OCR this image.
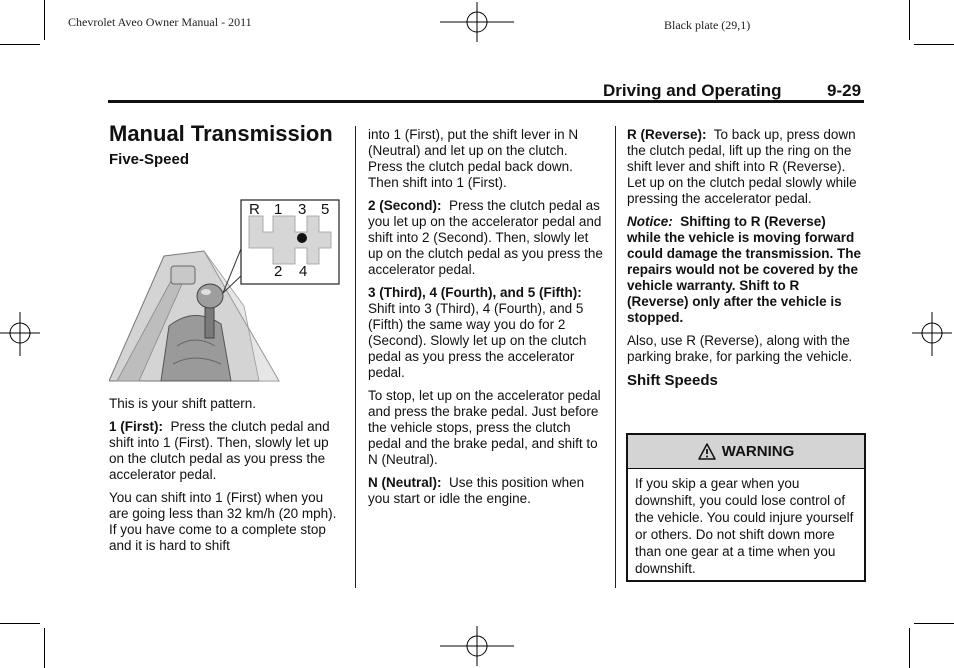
Chevrolet Aveo Owner Manual - 2011	Black plate (29,1)
Driving and Operating	9-29
Manual Transmission
Five-Speed
R 1 3 5
2 4

This is your shift pattern.

1 (First): Press the clutch pedal and shift into 1 (First). Then, slowly let up on the clutch pedal as you press the accelerator pedal.

You can shift into 1 (First) when you are going less than 32 km/h (20 mph). If you have come to a complete stop and it is hard to shift

into 1 (First), put the shift lever in N (Neutral) and let up on the clutch. Press the clutch pedal back down. Then shift into 1 (First).

2 (Second): Press the clutch pedal as you let up on the accelerator pedal and shift into 2 (Second). Then, slowly let up on the clutch pedal as you press the accelerator pedal.

3 (Third), 4 (Fourth), and 5 (Fifth): Shift into 3 (Third), 4 (Fourth), and 5 (Fifth) the same way you do for 2 (Second). Slowly let up on the clutch pedal as you press the accelerator pedal.

To stop, let up on the accelerator pedal and press the brake pedal. Just before the vehicle stops, press the clutch pedal and the brake pedal, and shift to N (Neutral).

N (Neutral): Use this position when you start or idle the engine.

R (Reverse): To back up, press down the clutch pedal, lift up the ring on the shift lever and shift into R (Reverse). Let up on the clutch pedal slowly while pressing the accelerator pedal.

Notice: Shifting to R (Reverse) while the vehicle is moving forward could damage the transmission. The repairs would not be covered by the vehicle warranty. Shift to R (Reverse) only after the vehicle is stopped.

Also, use R (Reverse), along with the parking brake, for parking the vehicle.

Shift Speeds
WARNING
If you skip a gear when you downshift, you could lose control of the vehicle. You could injure yourself or others. Do not shift down more than one gear at a time when you downshift.
